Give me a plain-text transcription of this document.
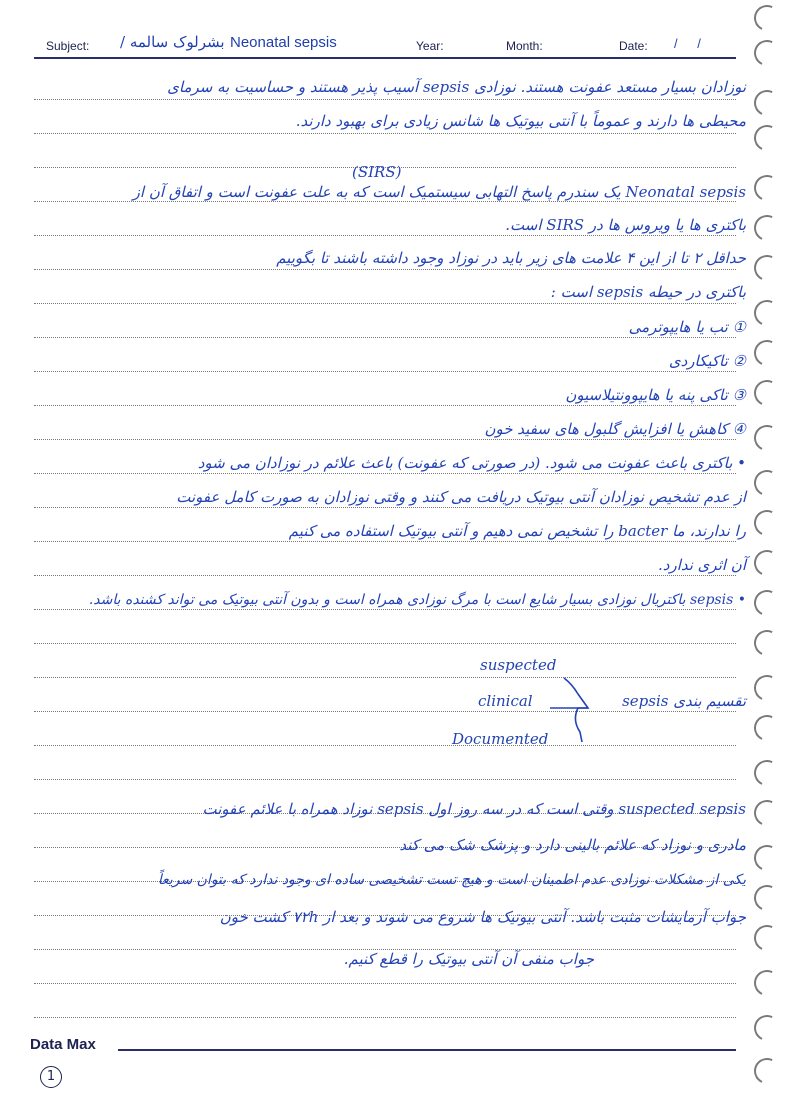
Subject: بشرلوک سالمه / Neonatal sepsis	Year:	Month:	Date: / /
نوزادان بسیار مستعد عفونت هستند. نوزادی sepsis آسیب پذیر هستند و حساسیت به سرمای
محیطی ها دارند و عموماً با آنتی بیوتیک ها شانس زیادی برای بهبود دارند.
(SIRS)
Neonatal sepsis یک سندرم پاسخ التهابی سیستمیک است که به علت عفونت است و اتفاق آن از
باکتری ها یا ویروس ها در SIRS است.
حداقل ۲ تا از این ۴ علامت های زیر باید در نوزاد وجود داشته باشند تا بگوییم
باکتری در حیطه sepsis است :
① تب یا هایپوترمی
② تاکیکاردی
③ تاکی پنه یا هایپوونتیلاسیون
④ کاهش یا افزایش گلبول های سفید خون
• باکتری باعث عفونت می شود. (در صورتی که عفونت) باعث علائم در نوزادان می شود
از عدم تشخیص نوزادان آنتی بیوتیک دریافت می کنند و وقتی نوزادان به صورت کامل عفونت
را ندارند، ما bacter را تشخیص نمی دهیم و آنتی بیوتیک استفاده می کنیم
آن اثری ندارد.
• sepsis باکتریال نوزادی بسیار شایع است با مرگ نوزادی همراه است و بدون آنتی بیوتیک می تواند کشنده باشد.
suspected
clinical	تقسیم بندی sepsis
Documented
suspected sepsis وقتی است که در سه روز اول sepsis نوزاد همراه با علائم عفونت
مادری و نوزاد که علائم بالینی دارد و پزشک شک می کند
یکی از مشکلات نوزادی عدم اطمینان است و هیچ تست تشخیصی ساده ای وجود ندارد که بتوان سریعاً
جواب آزمایشات مثبت باشد. آنتی بیوتیک ها شروع می شوند و بعد از ۷۲h کشت خون
جواب منفی آن آنتی بیوتیک را قطع کنیم.
Data Max
1
